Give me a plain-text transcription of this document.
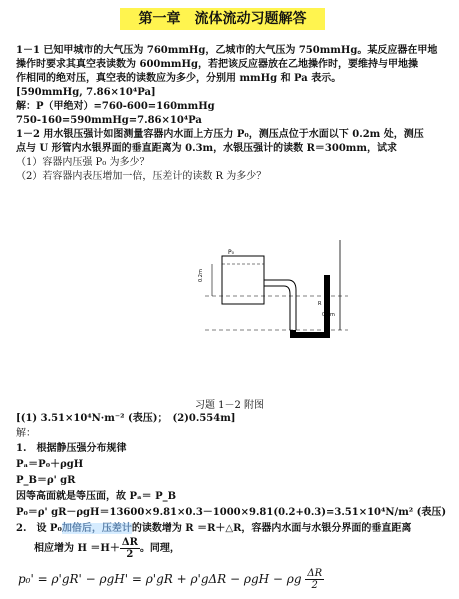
第一章　流体流动习题解答
1－1 已知甲城市的大气压为 760mmHg，乙城市的大气压为 750mmHg。某反应器在甲地
操作时要求其真空表读数为 600mmHg，若把该反应器放在乙地操作时，要维持与甲地操
作相同的绝对压，真空表的读数应为多少，分别用 mmHg 和 Pa 表示。
[590mmHg, 7.86×10⁴Pa]
解：P（甲绝对）=760-600=160mmHg
750-160=590mmHg=7.86×10⁴Pa
1－2 用水银压强计如图测量容器内水面上方压力 P₀，测压点位于水面以下 0.2m 处，测压
点与 U 形管内水银界面的垂直距离为 0.3m，水银压强计的读数 R＝300mm，试求
（1）容器内压强 P₀ 为多少？
（2）若容器内表压增加一倍，压差计的读数 R 为多少？
P₀
0.2m
0.3m
R
习题 1－2 附图
[(1) 3.51×10⁴N·m⁻² (表压)；　(2)0.554m]
解：
1.　根据静压强分布规律
Pₐ＝P₀＋ρgH
P_B＝ρ' gR
因等高面就是等压面，故 Pₐ＝ P_B
P₀＝ρ' gR－ρgH＝13600×9.81×0.3－1000×9.81(0.2+0.3)=3.51×10⁴N/m² (表压)
2.　设 P₀加倍后，压差计的读数增为 R ＝R＋△R，容器内水面与水银分界面的垂直距离
相应增为 $H =H+ \frac{\Delta R}{2}$ 。同理，
p₀' = ρ'gR' − ρgH' = ρ'gR + ρ'gΔR − ρgH − ρg $\frac{\Delta R}{2}$
